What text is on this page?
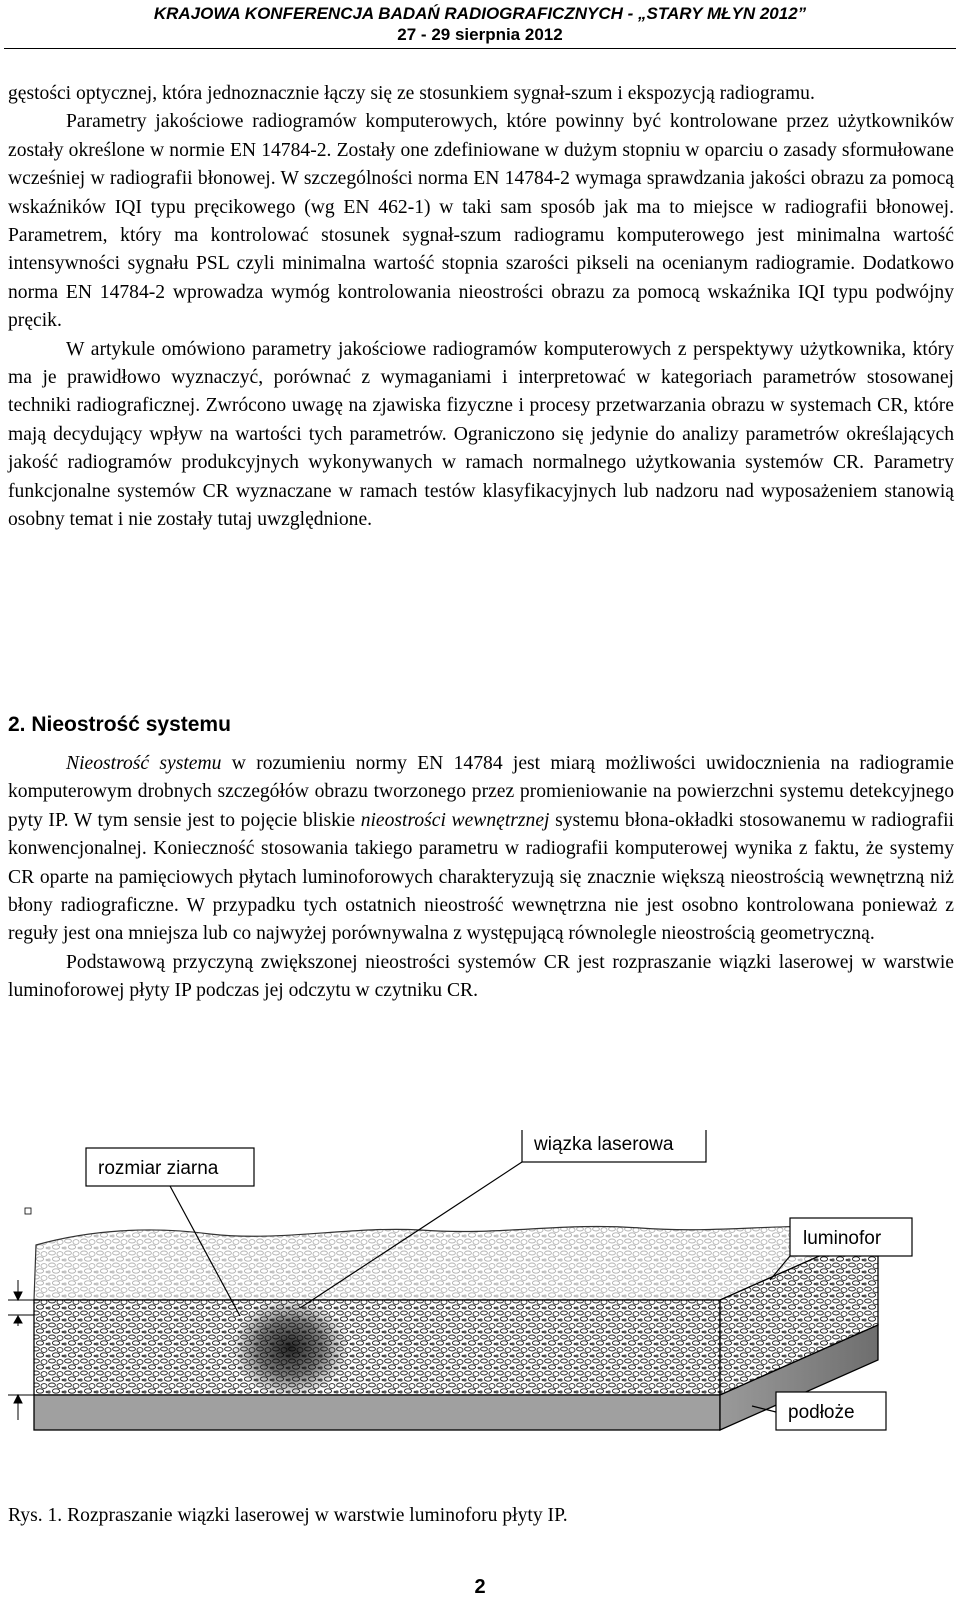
KRAJOWA KONFERENCJA BADAŃ RADIOGRAFICZNYCH - „STARY MŁYN 2012”
27 - 29 sierpnia 2012

gęstości optycznej, która jednoznacznie łączy się ze stosunkiem sygnał-szum i ekspozycją radiogramu.

Parametry jakościowe radiogramów komputerowych, które powinny być kontrolowane przez użytkowników zostały określone w normie EN 14784-2. Zostały one zdefiniowane w dużym stopniu w oparciu o zasady sformułowane wcześniej w radiografii błonowej. W szczególności norma EN 14784-2 wymaga sprawdzania jakości obrazu za pomocą wskaźników IQI typu pręcikowego (wg EN 462-1) w taki sam sposób jak ma to miejsce w radiografii błonowej. Parametrem, który ma kontrolować stosunek sygnał-szum radiogramu komputerowego jest minimalna wartość intensywności sygnału PSL czyli minimalna wartość stopnia szarości pikseli na ocenianym radiogramie. Dodatkowo norma EN 14784-2 wprowadza wymóg kontrolowania nieostrości obrazu za pomocą wskaźnika IQI typu podwójny pręcik.

W artykule omówiono parametry jakościowe radiogramów komputerowych z perspektywy użytkownika, który ma je prawidłowo wyznaczyć, porównać z wymaganiami i interpretować w kategoriach parametrów stosowanej techniki radiograficznej. Zwrócono uwagę na zjawiska fizyczne i procesy przetwarzania obrazu w systemach CR, które mają decydujący wpływ na wartości tych parametrów. Ograniczono się jedynie do analizy parametrów określających jakość radiogramów produkcyjnych wykonywanych w ramach normalnego użytkowania systemów CR. Parametry funkcjonalne systemów CR wyznaczane w ramach testów klasyfikacyjnych lub nadzoru nad wyposażeniem stanowią osobny temat i nie zostały tutaj uwzględnione.

2. Nieostrość systemu

Nieostrość systemu w rozumieniu normy EN 14784 jest miarą możliwości uwidocznienia na radiogramie komputerowym drobnych szczegółów obrazu tworzonego przez promieniowanie na powierzchni systemu detekcyjnego pyty IP. W tym sensie jest to pojęcie bliskie nieostrości wewnętrznej systemu błona-okładki stosowanemu w radiografii konwencjonalnej. Konieczność stosowania takiego parametru w radiografii komputerowej wynika z faktu, że systemy CR oparte na pamięciowych płytach luminoforowych charakteryzują się znacznie większą nieostrością wewnętrzną niż błony radiograficzne. W przypadku tych ostatnich nieostrość wewnętrzna nie jest osobno kontrolowana ponieważ z reguły jest ona mniejsza lub co najwyżej porównywalna z występującą równolegle nieostrością geometryczną.

Podstawową przyczyną zwiększonej nieostrości systemów CR jest rozpraszanie wiązki laserowej w warstwie luminoforowej płyty IP podczas jej odczytu w czytniku CR.

rozmiar ziarna
wiązka laserowa
luminofor
podłoże
Rys. 1. Rozpraszanie wiązki laserowej w warstwie luminoforu płyty IP.
2
